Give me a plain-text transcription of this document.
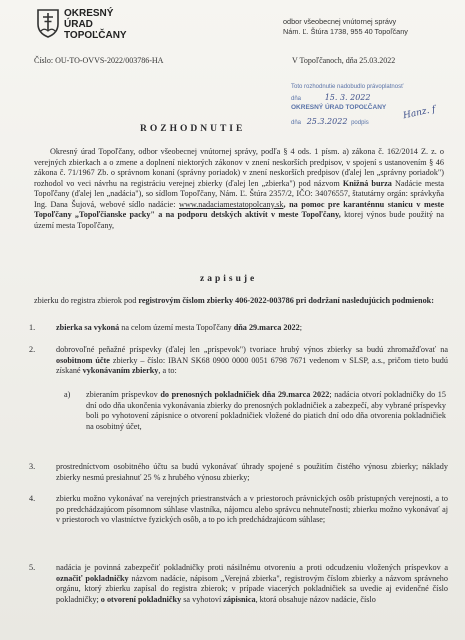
OKRESNÝ
ÚRAD
TOPOĽČANY
odbor všeobecnej vnútornej správy
Nám. Ľ. Štúra 1738, 955 40 Topoľčany
Číslo: OU-TO-OVVS-2022/003786-HA	V Topoľčanoch, dňa 25.03.2022
Toto rozhodnutie nadobudlo právoplatnosť
dňa	15. 3. 2022
OKRESNÝ ÚRAD TOPOĽČANY
dňa 25.3.2022 podpis
Hanz. f
ROZHODNUTIE

Okresný úrad Topoľčany, odbor všeobecnej vnútornej správy, podľa § 4 ods. 1 písm. a) zákona č. 162/2014 Z. z. o verejných zbierkach a o zmene a doplnení niektorých zákonov v znení neskorších predpisov, v spojení s ustanovením § 46 zákona č. 71/1967 Zb. o správnom konaní (správny poriadok) v znení neskorších predpisov (ďalej len „správny poriadok") rozhodol vo veci návrhu na registráciu verejnej zbierky (ďalej len „zbierka") pod názvom Knižná burza Nadácie mesta Topoľčany (ďalej len „nadácia"), so sídlom Topoľčany, Nám. Ľ. Štúra 2357/2, IČO: 34076557, štatutárny orgán: správkyňa Ing. Dana Šujová, webové sídlo nadácie: www.nadaciamestatopolcany.sk, na pomoc pre karanténnu stanicu v meste Topoľčany „Topoľčianske packy" a na podporu detských aktivít v meste Topoľčany, ktorej výnos bude použitý na území mesta Topoľčany,

zapisuje

zbierku do registra zbierok pod registrovým číslom zbierky 406-2022-003786 pri dodržaní nasledujúcich podmienok:

1.	zbierka sa vykoná na celom území mesta Topoľčany dňa 29.marca 2022;
2.	dobrovoľné peňažné príspevky (ďalej len „príspevok") tvoriace hrubý výnos zbierky sa budú zhromažďovať na osobitnom účte zbierky – číslo: IBAN SK68 0900 0000 0051 6798 7671 vedenom v SLSP, a.s., pričom tieto budú získané vykonávaním zbierky, a to:
a) zbieraním príspevkov do prenosných pokladničiek dňa 29.marca 2022; nadácia otvorí pokladničky do 15 dní odo dňa ukončenia vykonávania zbierky do prenosných pokladničiek a zabezpečí, aby vybrané príspevky boli po vyhotovení zápisnice o otvorení pokladničiek vložené do piatich dní odo dňa otvorenia pokladničiek na osobitný účet,
3.	prostredníctvom osobitného účtu sa budú vykonávať úhrady spojené s použitím čistého výnosu zbierky; náklady zbierky nesmú presiahnuť 25 % z hrubého výnosu zbierky;
4.	zbierku možno vykonávať na verejných priestranstvách a v priestoroch právnických osôb prístupných verejnosti, a to po predchádzajúcom písomnom súhlase vlastníka, nájomcu alebo správcu nehnuteľnosti; zbierku možno vykonávať aj v priestoroch vo vlastníctve fyzických osôb, a to po ich predchádzajúcom súhlase;
5.	nadácia je povinná zabezpečiť pokladničky proti násilnému otvoreniu a proti odcudzeniu vložených príspevkov a označiť pokladničky názvom nadácie, nápisom „Verejná zbierka", registrovým číslom zbierky a názvom správneho orgánu, ktorý zbierku zapísal do registra zbierok; v prípade viacerých pokladničiek sa uvedie aj evidenčné číslo pokladničky; o otvorení pokladničky sa vyhotoví zápisnica, ktorá obsahuje názov nadácie, číslo
